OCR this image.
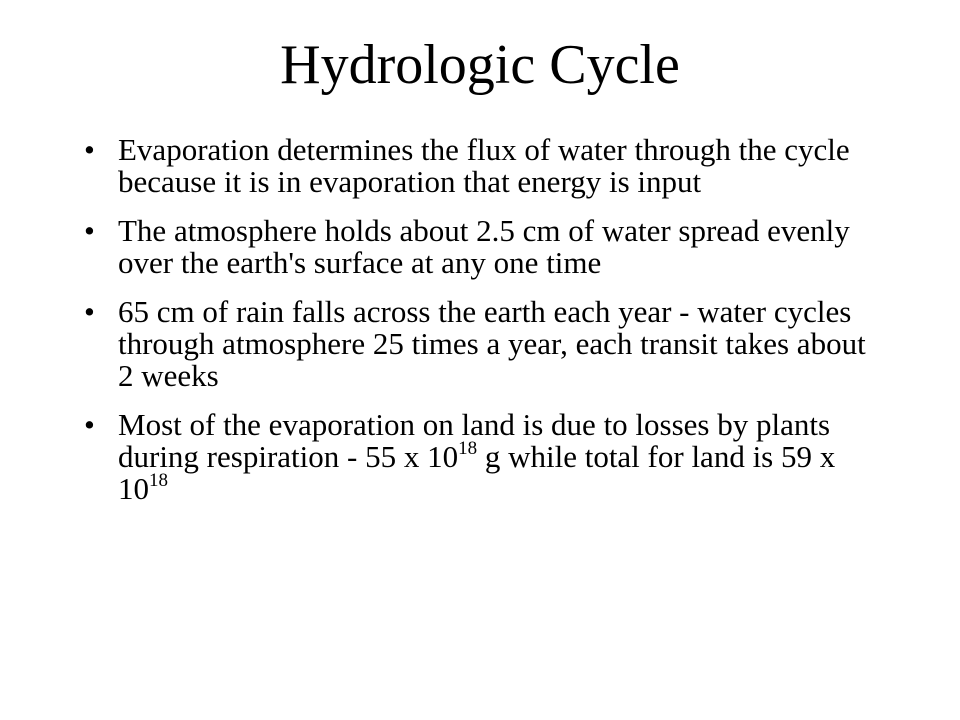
Hydrologic Cycle
• Evaporation determines the flux of water through the cycle because it is in evaporation that energy is input
• The atmosphere holds about 2.5 cm of water spread evenly over the earth's surface at any one time
• 65 cm of rain falls across the earth each year - water cycles through atmosphere 25 times a year, each transit takes about 2 weeks
• Most of the evaporation on land is due to losses by plants during respiration - 55 x $10^{18}$ g while total for land is 59 x $10^{18}$
